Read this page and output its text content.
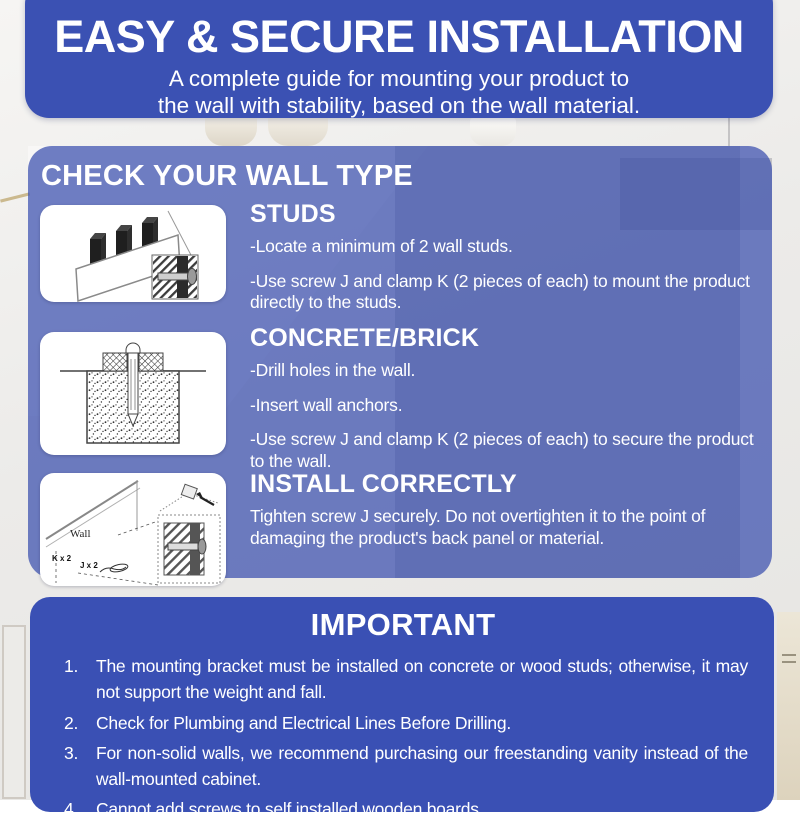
EASY & SECURE INSTALLATION

A complete guide for mounting your product to the wall with stability, based on the wall material.

CHECK YOUR WALL TYPE
Wall
K x 2
J x 2
STUDS

-Locate a minimum of 2 wall studs.

-Use screw J and clamp K (2 pieces of each) to mount the product directly to the studs.

CONCRETE/BRICK

-Drill holes in the wall.

-Insert wall anchors.

-Use screw J and clamp K (2 pieces of each) to secure the product to the wall.

INSTALL CORRECTLY

Tighten screw J securely. Do not overtighten it to the point of damaging the product's back panel or material.

IMPORTANT
The mounting bracket must be installed on concrete or wood studs; otherwise, it may not support the weight and fall.
Check for Plumbing and Electrical Lines Before Drilling.
For non-solid walls, we recommend purchasing our freestanding vanity instead of the wall-mounted cabinet.
Cannot add screws to self installed wooden boards
